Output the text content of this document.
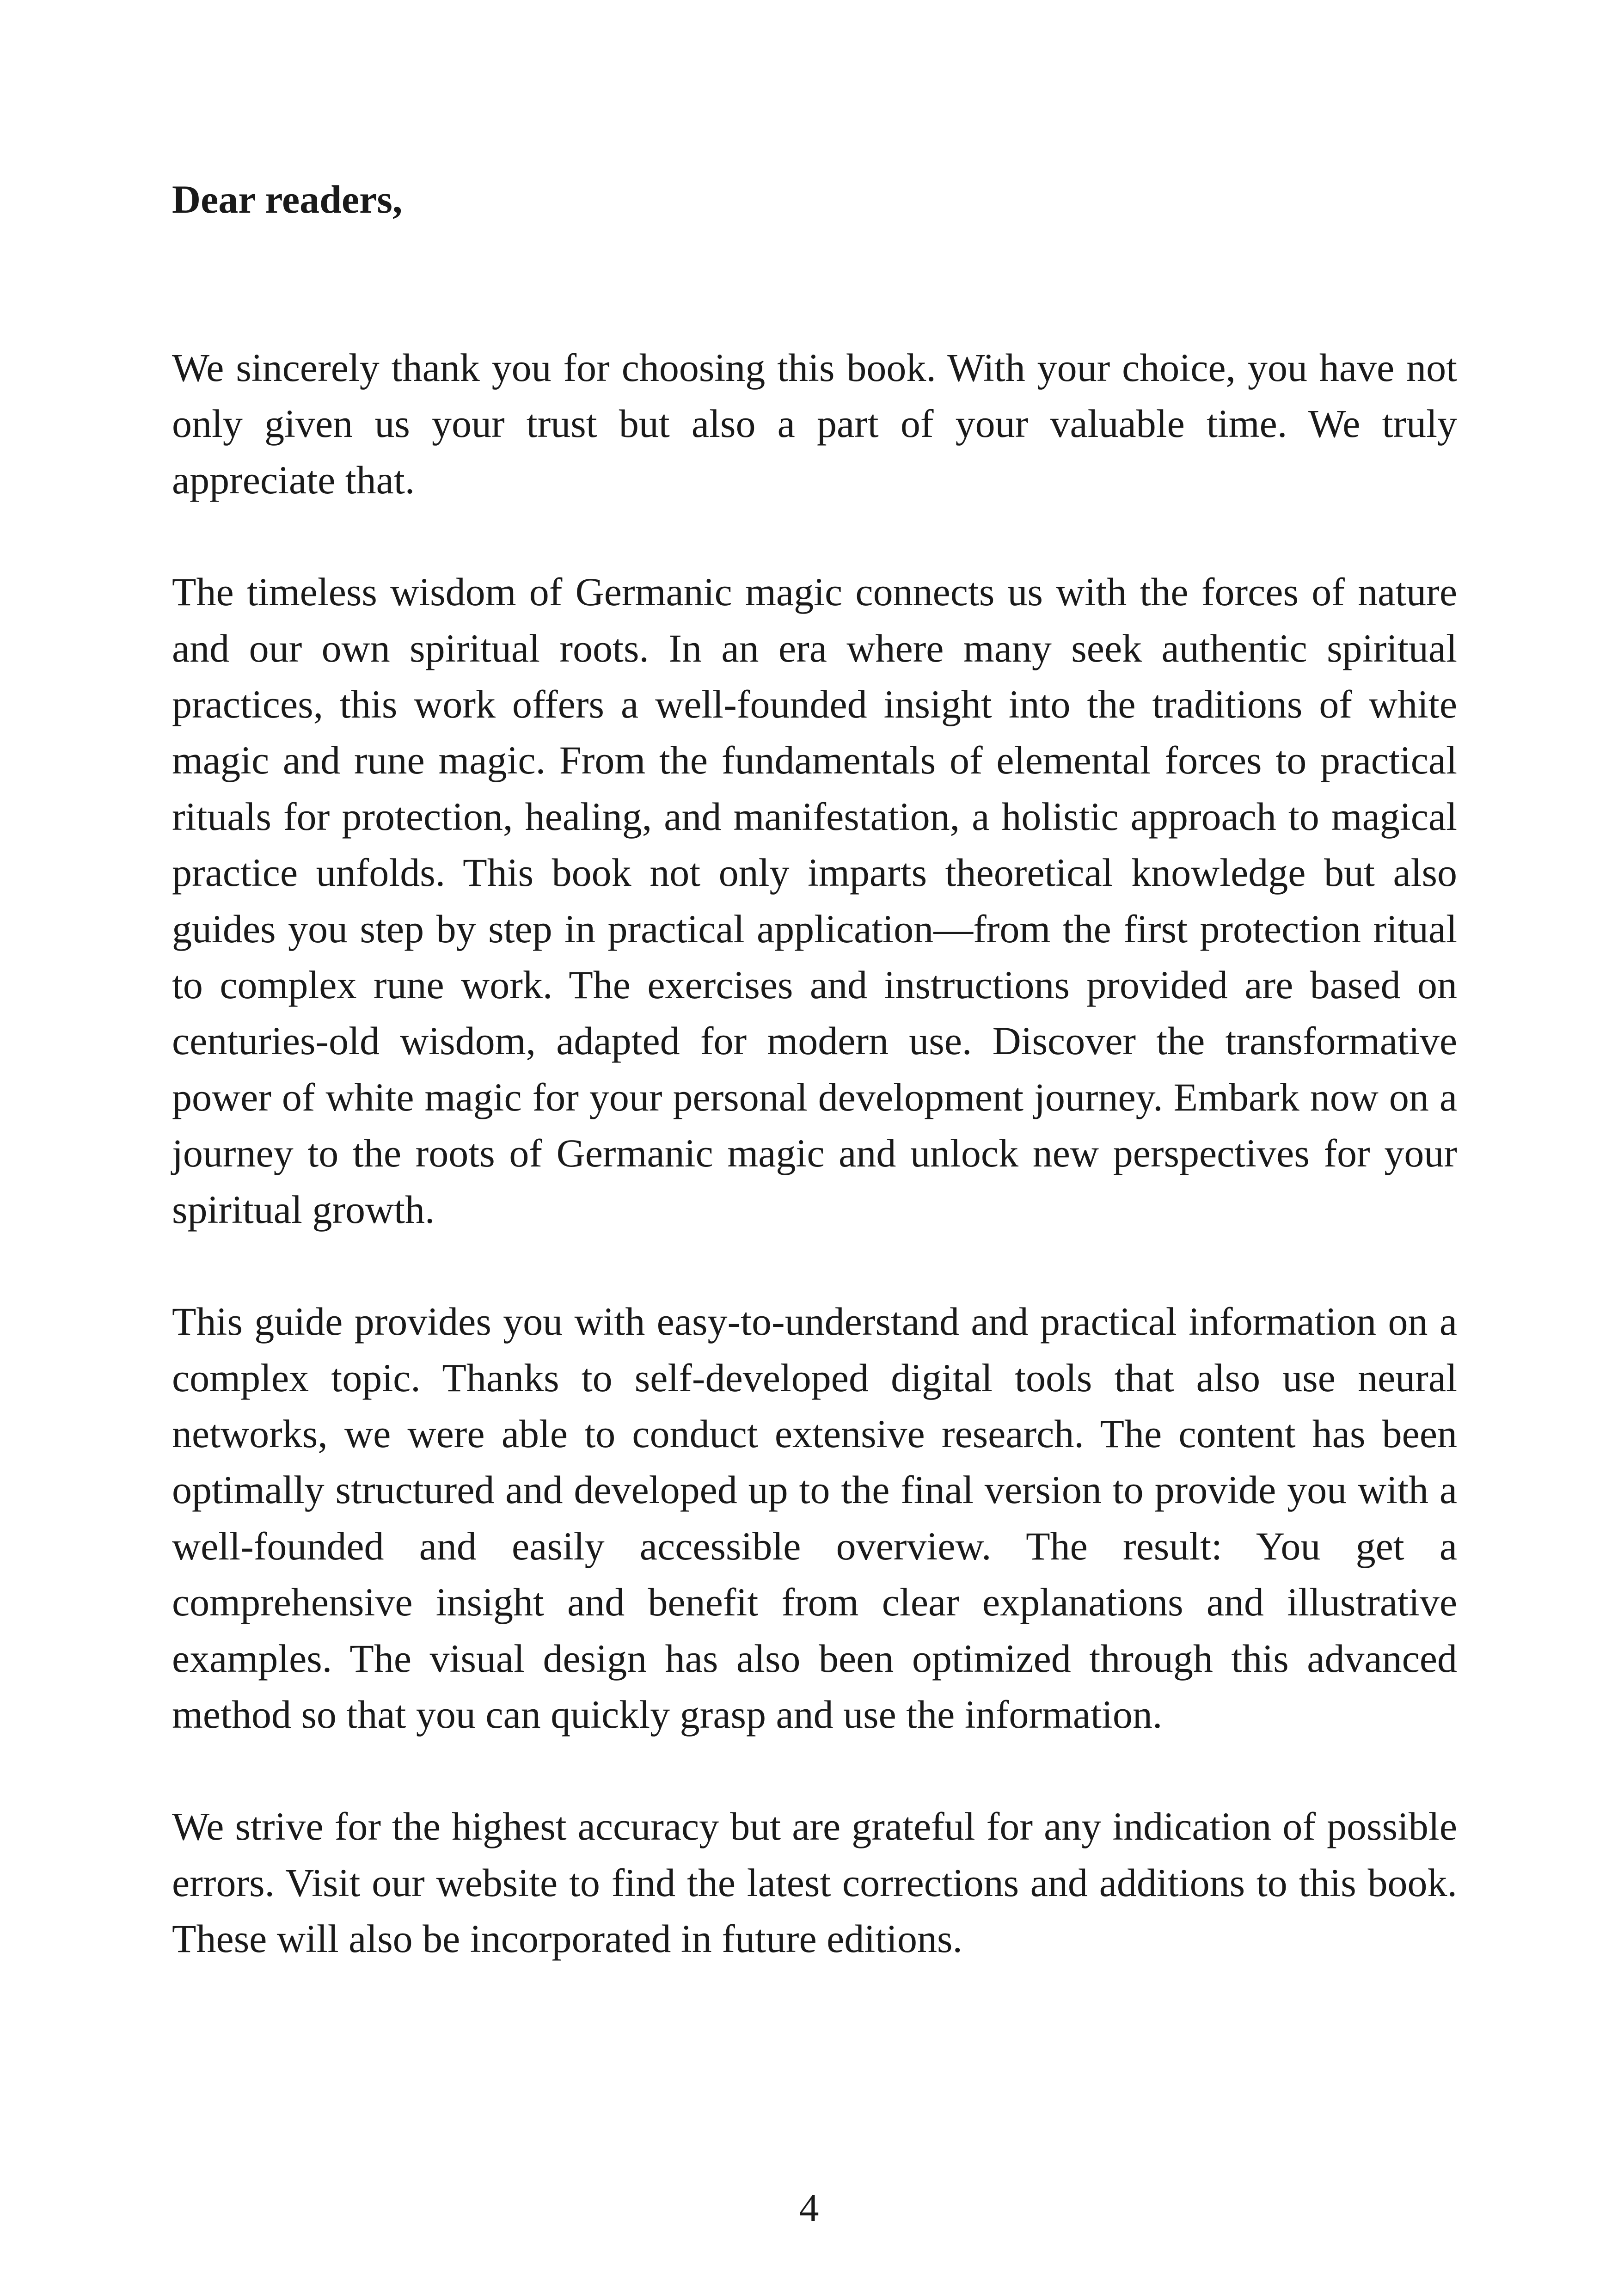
Dear readers,

We sincerely thank you for choosing this book. With your choice, you have not only given us your trust but also a part of your valuable time. We truly appreciate that.

The timeless wisdom of Germanic magic connects us with the forces of nature and our own spiritual roots. In an era where many seek authentic spiritual practices, this work offers a well-founded insight into the traditions of white magic and rune magic. From the fundamentals of elemental forces to practical rituals for protection, healing, and manifestation, a holistic approach to magical practice unfolds. This book not only imparts theoretical knowledge but also guides you step by step in practical application—from the first protection ritual to complex rune work. The exercises and instructions provided are based on centuries-old wisdom, adapted for modern use. Discover the transformative power of white magic for your personal development journey. Embark now on a journey to the roots of Germanic magic and unlock new perspectives for your spiritual growth.

This guide provides you with easy-to-understand and practical information on a complex topic. Thanks to self-developed digital tools that also use neural networks, we were able to conduct extensive research. The content has been optimally structured and developed up to the final version to provide you with a well-founded and easily accessible overview. The result: You get a comprehensive insight and benefit from clear explanations and illustrative examples. The visual design has also been optimized through this advanced method so that you can quickly grasp and use the information.

We strive for the highest accuracy but are grateful for any indication of possible errors. Visit our website to find the latest corrections and additions to this book. These will also be incorporated in future editions.

4
